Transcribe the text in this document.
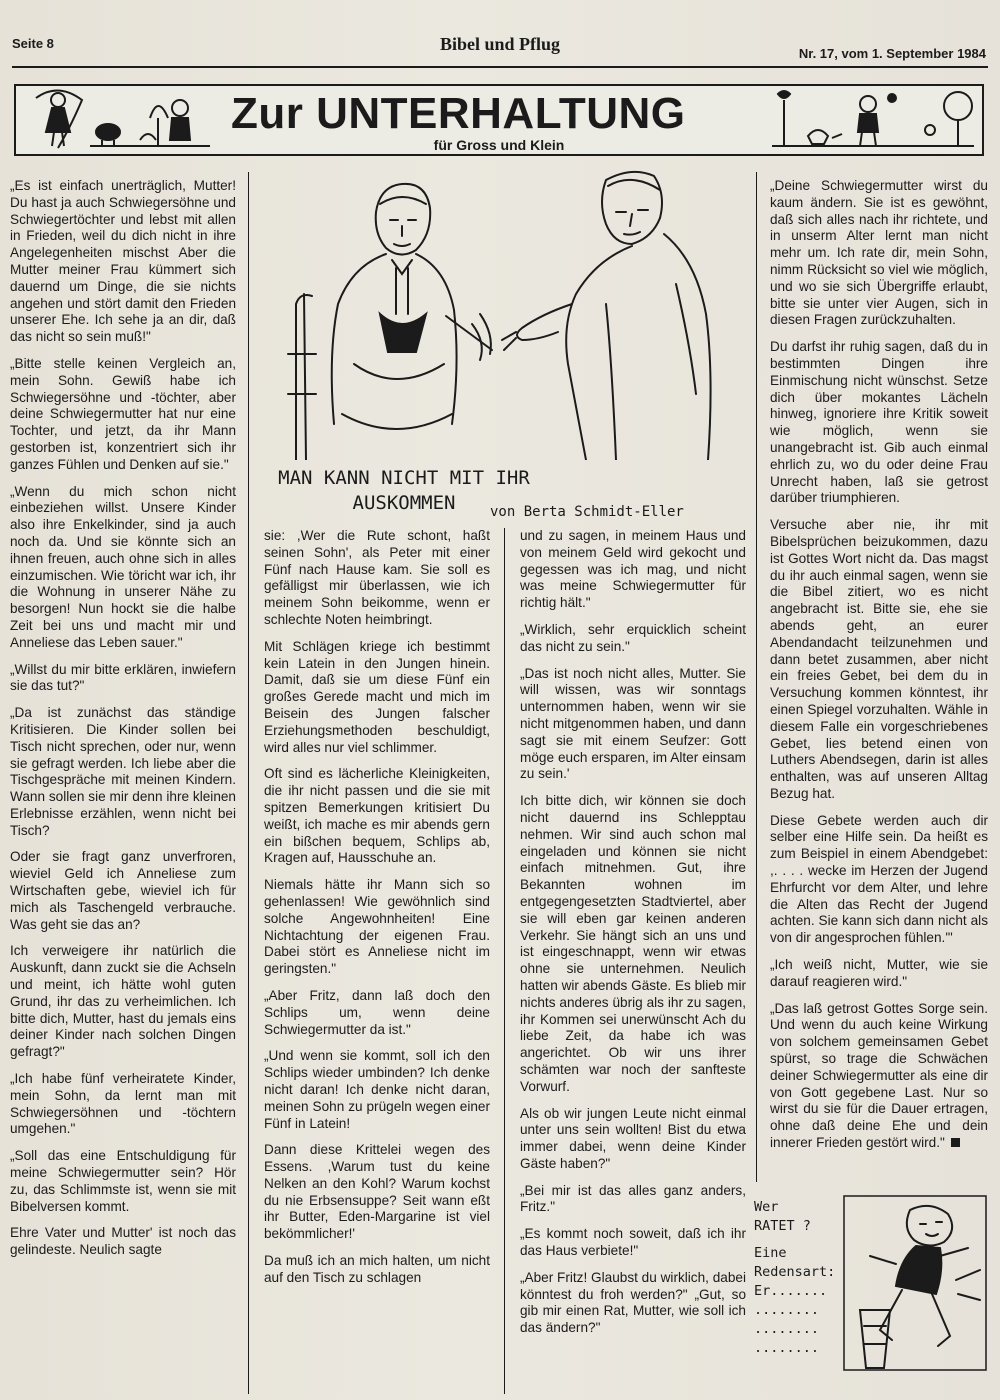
Seite 8	Bibel und Pflug	Nr. 17, vom 1. September 1984
Zur UNTERHALTUNG
für Gross und Klein

„Es ist einfach unerträglich, Mutter! Du hast ja auch Schwiegersöhne und Schwiegertöchter und lebst mit allen in Frieden, weil du dich nicht in ihre Angelegenheiten mischst Aber die Mutter meiner Frau kümmert sich dauernd um Dinge, die sie nichts angehen und stört damit den Frieden unserer Ehe. Ich sehe ja an dir, daß das nicht so sein muß!"

„Bitte stelle keinen Vergleich an, mein Sohn. Gewiß habe ich Schwiegersöhne und -töchter, aber deine Schwiegermutter hat nur eine Tochter, und jetzt, da ihr Mann gestorben ist, konzentriert sich ihr ganzes Fühlen und Denken auf sie."

„Wenn du mich schon nicht einbeziehen willst. Unsere Kinder also ihre Enkelkinder, sind ja auch noch da. Und sie könnte sich an ihnen freuen, auch ohne sich in alles einzumischen. Wie töricht war ich, ihr die Wohnung in unserer Nähe zu besorgen! Nun hockt sie die halbe Zeit bei uns und macht mir und Anneliese das Leben sauer."

„Willst du mir bitte erklären, inwiefern sie das tut?"

„Da ist zunächst das ständige Kritisieren. Die Kinder sollen bei Tisch nicht sprechen, oder nur, wenn sie gefragt werden. Ich liebe aber die Tischgespräche mit meinen Kindern. Wann sollen sie mir denn ihre kleinen Erlebnisse erzählen, wenn nicht bei Tisch?

Oder sie fragt ganz unverfroren, wieviel Geld ich Anneliese zum Wirtschaften gebe, wieviel ich für mich als Taschengeld verbrauche. Was geht sie das an?

Ich verweigere ihr natürlich die Auskunft, dann zuckt sie die Achseln und meint, ich hätte wohl guten Grund, ihr das zu verheimlichen. Ich bitte dich, Mutter, hast du jemals eins deiner Kinder nach solchen Dingen gefragt?"

„Ich habe fünf verheiratete Kinder, mein Sohn, da lernt man mit Schwiegersöhnen und -töchtern umgehen."

„Soll das eine Entschuldigung für meine Schwiegermutter sein? Hör zu, das Schlimmste ist, wenn sie mit Bibelversen kommt.

Ehre Vater und Mutter' ist noch das gelindeste. Neulich sagte

MAN KANN NICHT MIT IHR
AUSKOMMEN	von Berta Schmidt-Eller

sie: ,Wer die Rute schont, haßt seinen Sohn', als Peter mit einer Fünf nach Hause kam. Sie soll es gefälligst mir überlassen, wie ich meinem Sohn beikomme, wenn er schlechte Noten heimbringt.

Mit Schlägen kriege ich bestimmt kein Latein in den Jungen hinein. Damit, daß sie um diese Fünf ein großes Gerede macht und mich im Beisein des Jungen falscher Erziehungsmethoden beschuldigt, wird alles nur viel schlimmer.

Oft sind es lächerliche Kleinigkeiten, die ihr nicht passen und die sie mit spitzen Bemerkungen kritisiert Du weißt, ich mache es mir abends gern ein bißchen bequem, Schlips ab, Kragen auf, Hausschuhe an.

Niemals hätte ihr Mann sich so gehenlassen! Wie gewöhnlich sind solche Angewohnheiten! Eine Nichtachtung der eigenen Frau. Dabei stört es Anneliese nicht im geringsten."

„Aber Fritz, dann laß doch den Schlips um, wenn deine Schwiegermutter da ist."

„Und wenn sie kommt, soll ich den Schlips wieder umbinden? Ich denke nicht daran! Ich denke nicht daran, meinen Sohn zu prügeln wegen einer Fünf in Latein!

Dann diese Krittelei wegen des Essens. ,Warum tust du keine Nelken an den Kohl? Warum kochst du nie Erbsensuppe? Seit wann eßt ihr Butter, Eden-Margarine ist viel bekömmlicher!'

Da muß ich an mich halten, um nicht auf den Tisch zu schlagen

und zu sagen, in meinem Haus und von meinem Geld wird gekocht und gegessen was ich mag, und nicht was meine Schwiegermutter für richtig hält."

„Wirklich, sehr erquicklich scheint das nicht zu sein."

„Das ist noch nicht alles, Mutter. Sie will wissen, was wir sonntags unternommen haben, wenn wir sie nicht mitgenommen haben, und dann sagt sie mit einem Seufzer: Gott möge euch ersparen, im Alter einsam zu sein.'

Ich bitte dich, wir können sie doch nicht dauernd ins Schlepptau nehmen. Wir sind auch schon mal eingeladen und können sie nicht einfach mitnehmen. Gut, ihre Bekannten wohnen im entgegengesetzten Stadtviertel, aber sie will eben gar keinen anderen Verkehr. Sie hängt sich an uns und ist eingeschnappt, wenn wir etwas ohne sie unternehmen. Neulich hatten wir abends Gäste. Es blieb mir nichts anderes übrig als ihr zu sagen, ihr Kommen sei unerwünscht Ach du liebe Zeit, da habe ich was angerichtet. Ob wir uns ihrer schämten war noch der sanfteste Vorwurf.

Als ob wir jungen Leute nicht einmal unter uns sein wollten! Bist du etwa immer dabei, wenn deine Kinder Gäste haben?"

„Bei mir ist das alles ganz anders, Fritz."

„Es kommt noch soweit, daß ich ihr das Haus verbiete!"

„Aber Fritz! Glaubst du wirklich, dabei könntest du froh werden?" „Gut, so gib mir einen Rat, Mutter, wie soll ich das ändern?"

„Deine Schwiegermutter wirst du kaum ändern. Sie ist es gewöhnt, daß sich alles nach ihr richtete, und in unserm Alter lernt man nicht mehr um. Ich rate dir, mein Sohn, nimm Rücksicht so viel wie möglich, und wo sie sich Übergriffe erlaubt, bitte sie unter vier Augen, sich in diesen Fragen zurückzuhalten.

Du darfst ihr ruhig sagen, daß du in bestimmten Dingen ihre Einmischung nicht wünschst. Setze dich über mokantes Lächeln hinweg, ignoriere ihre Kritik soweit wie möglich, wenn sie unangebracht ist. Gib auch einmal ehrlich zu, wo du oder deine Frau Unrecht haben, laß sie getrost darüber triumphieren.

Versuche aber nie, ihr mit Bibelsprüchen beizukommen, dazu ist Gottes Wort nicht da. Das magst du ihr auch einmal sagen, wenn sie die Bibel zitiert, wo es nicht angebracht ist. Bitte sie, ehe sie abends geht, an eurer Abendandacht teilzunehmen und dann betet zusammen, aber nicht ein freies Gebet, bei dem du in Versuchung kommen könntest, ihr einen Spiegel vorzuhalten. Wähle in diesem Falle ein vorgeschriebenes Gebet, lies betend einen von Luthers Abendsegen, darin ist alles enthalten, was auf unseren Alltag Bezug hat.

Diese Gebete werden auch dir selber eine Hilfe sein. Da heißt es zum Beispiel in einem Abendgebet: ,. . . . wecke im Herzen der Jugend Ehrfurcht vor dem Alter, und lehre die Alten das Recht der Jugend achten. Sie kann sich dann nicht als von dir angesprochen fühlen.'"

„Ich weiß nicht, Mutter, wie sie darauf reagieren wird."

„Das laß getrost Gottes Sorge sein. Und wenn du auch keine Wirkung von solchem gemeinsamen Gebet spürst, so trage die Schwächen deiner Schwiegermutter als eine dir von Gott gegebene Last. Nur so wirst du sie für die Dauer ertragen, ohne daß deine Ehe und dein innerer Frieden gestört wird."

Wer
RATET ?
Eine
Redensart:
Er.......
........
........
........
